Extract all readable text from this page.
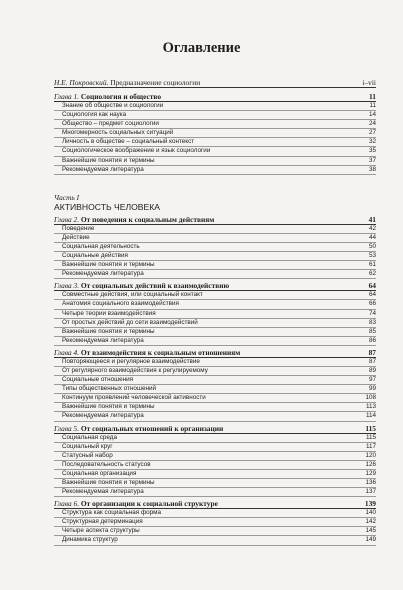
Оглавление
Н.Е. Покровский. Предназначение социологии	i–vii
Глава 1. Социология и общество	11
Знание об обществе и социологии	11
Социология как наука	14
Общество – предмет социологии	24
Многомерность социальных ситуаций	27
Личность в обществе – социальный контекст	32
Социологическое воображение и язык социологии	35
Важнейшие понятия и термины	37
Рекомендуемая литература	38
Часть I
АКТИВНОСТЬ ЧЕЛОВЕКА
Глава 2. От поведения к социальным действиям	41
Поведение	42
Действие	44
Социальная деятельность	50
Социальные действия	53
Важнейшие понятия и термины	61
Рекомендуемая литература	62
Глава 3. От социальных действий к взаимодействию	64
Совместные действия, или социальный контакт	64
Анатомия социального взаимодействия	66
Четыре теории взаимодействия	74
От простых действий до сети взаимодействий	83
Важнейшие понятия и термины	85
Рекомендуемая литература	86
Глава 4. От взаимодействия к социальным отношениям	87
Повторяющееся и регулярное взаимодействие	87
От регулярного взаимодействия к регулируемому	89
Социальные отношения	97
Типы общественных отношений	99
Континуум проявлений человеческой активности	108
Важнейшие понятия и термины	113
Рекомендуемая литература	114
Глава 5. От социальных отношений к организации	115
Социальная среда	115
Социальный круг	117
Статусный набор	120
Последовательность статусов	126
Социальная организация	129
Важнейшие понятия и термины	136
Рекомендуемая литература	137
Глава 6. От организации к социальной структуре	139
Структура как социальная форма	140
Структурная детерминация	142
Четыре аспекта структуры	145
Динамика структур	149
